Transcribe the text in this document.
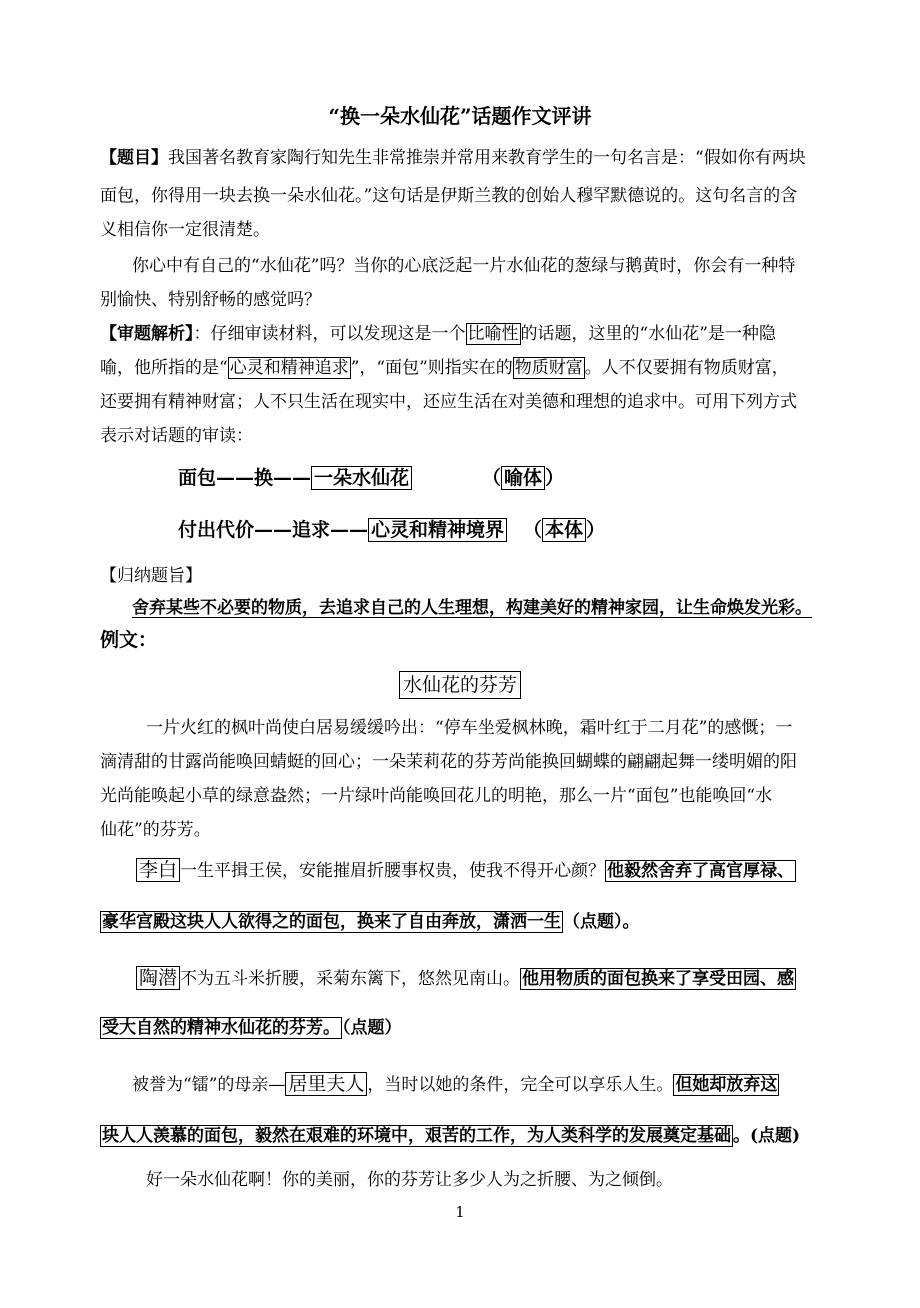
“换一朵水仙花”话题作文评讲
【题目】我国著名教育家陶行知先生非常推崇并常用来教育学生的一句名言是：“假如你有两块
面包，你得用一块去换一朵水仙花。”这句话是伊斯兰教的创始人穆罕默德说的。这句名言的含
义相信你一定很清楚。
你心中有自己的“水仙花”吗？当你的心底泛起一片水仙花的葱绿与鹅黄时，你会有一种特
别愉快、特别舒畅的感觉吗？
【审题解析】：仔细审读材料，可以发现这是一个 比喻性 的话题，这里的“水仙花”是一种隐
喻，他所指的是“ 心灵和精神追求 ”，“面包”则指实在的 物质财富 。人不仅要拥有物质财富，
还要拥有精神财富；人不只生活在现实中，还应生活在对美德和理想的追求中。可用下列方式
表示对话题的审读：
面包——换—— 一朵水仙花	（ 喻体 ）
付出代价——追求—— 心灵和精神境界 （ 本体 ）
【归纳题旨】
舍弃某些不必要的物质，去追求自己的人生理想，构建美好的精神家园，让生命焕发光彩。
例文：
水仙花的芬芳
一片火红的枫叶尚使白居易缓缓吟出：“停车坐爱枫林晚，霜叶红于二月花”的感慨；一
滴清甜的甘露尚能唤回蜻蜓的回心；一朵茉莉花的芬芳尚能换回蝴蝶的翩翩起舞一缕明媚的阳
光尚能唤起小草的绿意盎然；一片绿叶尚能唤回花儿的明艳，那么一片“面包”也能唤回“水
仙花”的芬芳。
李白 一生平揖王侯，安能摧眉折腰事权贵，使我不得开心颜？ 他毅然舍弃了高官厚禄、
豪华宫殿这块人人欲得之的面包，换来了自由奔放，潇洒一生 （点题）。
陶潜 不为五斗米折腰，采菊东篱下，悠然见南山。 他用物质的面包换来了享受田园、感
受大自然的精神水仙花的芬芳。 （点题）
被誉为“镭”的母亲— 居里夫人 ，当时以她的条件，完全可以享乐人生。 但她却放弃这
块人人羡慕的面包，毅然在艰难的环境中，艰苦的工作，为人类科学的发展奠定基础 。(点题)
好一朵水仙花啊！你的美丽，你的芬芳让多少人为之折腰、为之倾倒。
1
